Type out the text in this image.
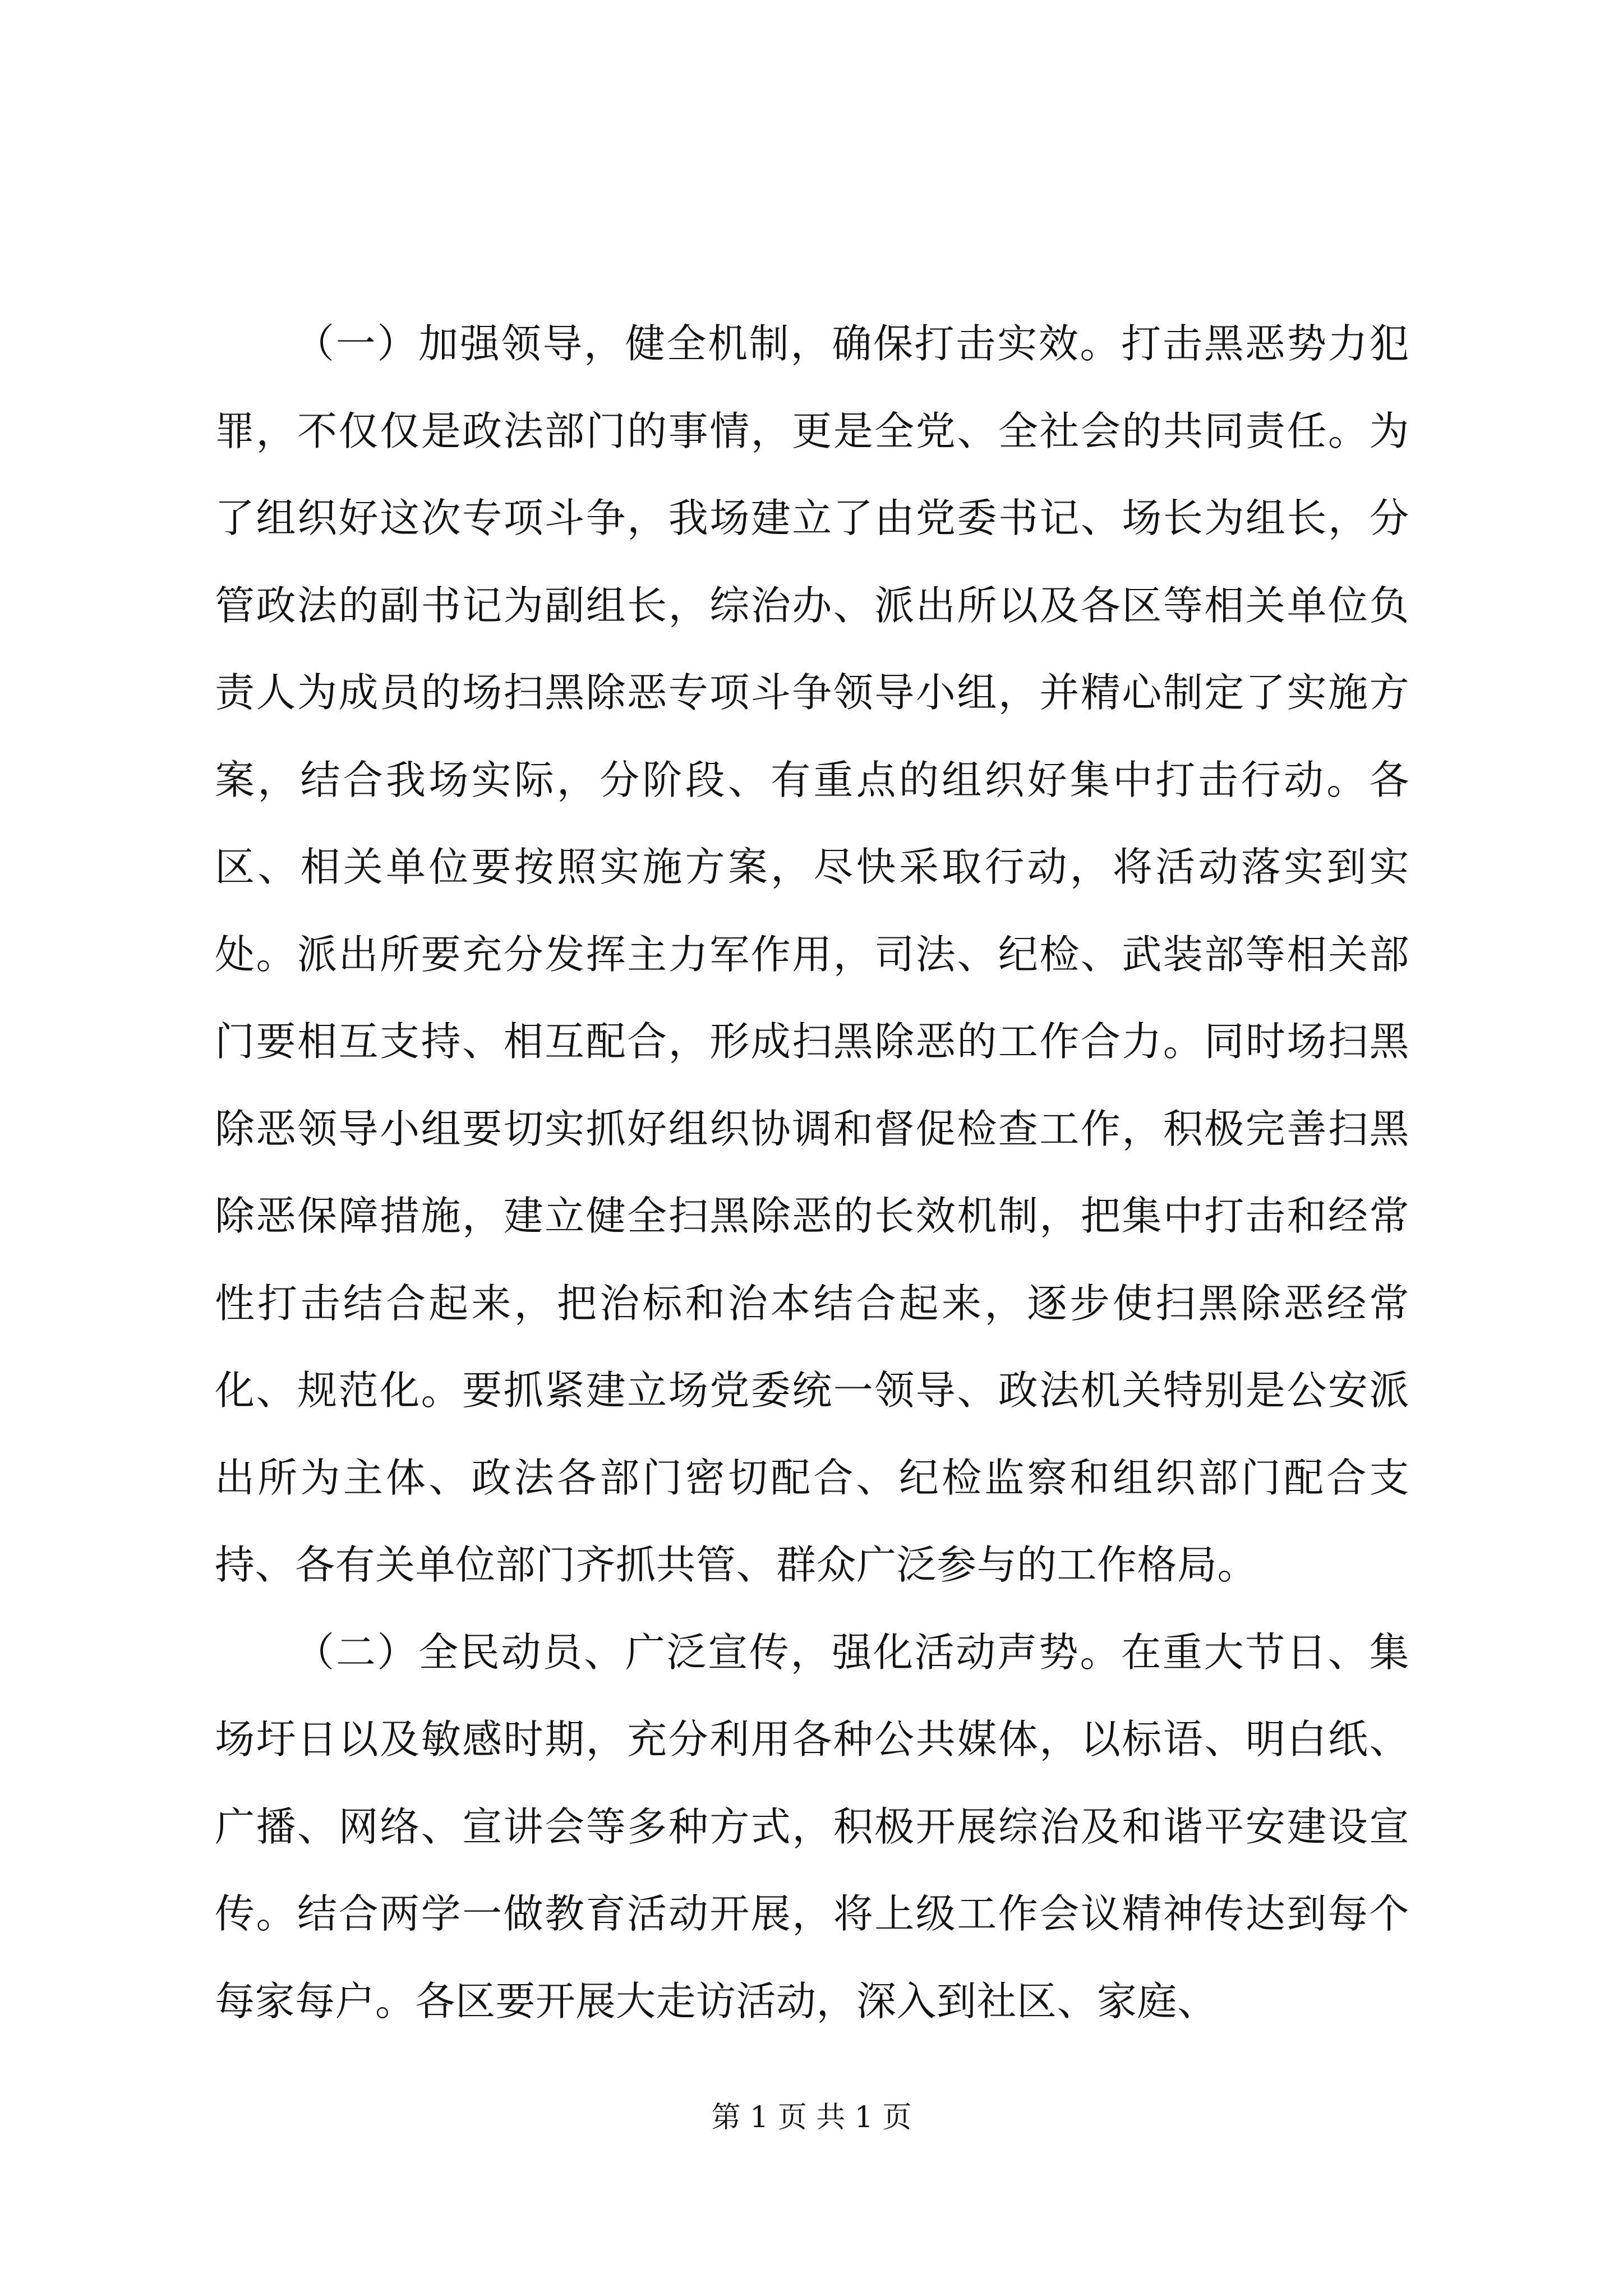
（一）加强领导，健全机制，确保打击实效。打击黑恶势力犯罪，不仅仅是政法部门的事情，更是全党、全社会的共同责任。为了组织好这次专项斗争，我场建立了由党委书记、场长为组长，分管政法的副书记为副组长，综治办、派出所以及各区等相关单位负责人为成员的场扫黑除恶专项斗争领导小组，并精心制定了实施方案，结合我场实际，分阶段、有重点的组织好集中打击行动。各区、相关单位要按照实施方案，尽快采取行动，将活动落实到实处。派出所要充分发挥主力军作用，司法、纪检、武装部等相关部门要相互支持、相互配合，形成扫黑除恶的工作合力。同时场扫黑除恶领导小组要切实抓好组织协调和督促检查工作，积极完善扫黑除恶保障措施，建立健全扫黑除恶的长效机制，把集中打击和经常性打击结合起来，把治标和治本结合起来，逐步使扫黑除恶经常化、规范化。要抓紧建立场党委统一领导、政法机关特别是公安派出所为主体、政法各部门密切配合、纪检监察和组织部门配合支持、各有关单位部门齐抓共管、群众广泛参与的工作格局。

（二）全民动员、广泛宣传，强化活动声势。在重大节日、集场圩日以及敏感时期，充分利用各种公共媒体，以标语、明白纸、广播、网络、宣讲会等多种方式，积极开展综治及和谐平安建设宣传。结合两学一做教育活动开展，将上级工作会议精神传达到每个每家每户。各区要开展大走访活动，深入到社区、家庭、

第 1 页 共 1 页
